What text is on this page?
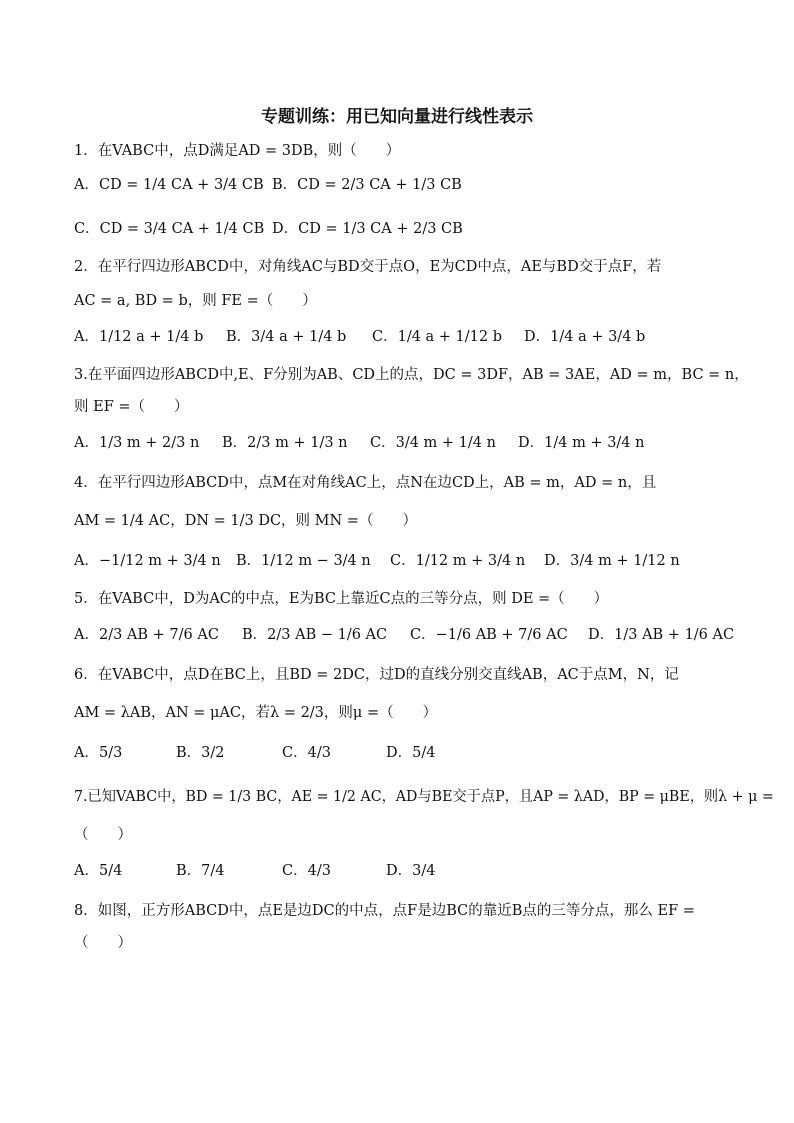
专题训练：用已知向量进行线性表示
1．在VABC中，点D满足AD = 3DB，则（　　）
A．CD = 1/4 CA + 3/4 CB B．CD = 2/3 CA + 1/3 CB
C．CD = 3/4 CA + 1/4 CB D．CD = 1/3 CA + 2/3 CB
2．在平行四边形ABCD中，对角线AC与BD交于点O，E为CD中点，AE与BD交于点F，若
AC = a, BD = b，则 FE =（　　）
A．1/12 a + 1/4 b B．3/4 a + 1/4 b C．1/4 a + 1/12 b D．1/4 a + 3/4 b
3.在平面四边形ABCD中,E、F分别为AB、CD上的点，DC = 3DF，AB = 3AE，AD = m，BC = n，
则 EF =（　　）
A．1/3 m + 2/3 n B．2/3 m + 1/3 n C．3/4 m + 1/4 n D．1/4 m + 3/4 n
4．在平行四边形ABCD中，点M在对角线AC上，点N在边CD上，AB = m，AD = n，且
AM = 1/4 AC，DN = 1/3 DC，则 MN =（　　）
A．−1/12 m + 3/4 n B．1/12 m − 3/4 n C．1/12 m + 3/4 n D．3/4 m + 1/12 n
5．在VABC中，D为AC的中点，E为BC上靠近C点的三等分点，则 DE =（　　）
A．2/3 AB + 7/6 AC B．2/3 AB − 1/6 AC C．−1/6 AB + 7/6 AC D．1/3 AB + 1/6 AC
6．在VABC中，点D在BC上，且BD = 2DC，过D的直线分别交直线AB，AC于点M，N，记
AM = λAB，AN = μAC，若λ = 2/3，则μ =（　　）
A．5/3	B．3/2	C．4/3	D．5/4
7.已知VABC中，BD = 1/3 BC，AE = 1/2 AC，AD与BE交于点P，且AP = λAD，BP = μBE，则λ + μ =
（　　）
A．5/4	B．7/4	C．4/3	D．3/4
8．如图，正方形ABCD中，点E是边DC的中点，点F是边BC的靠近B点的三等分点，那么 EF =
（　　）
